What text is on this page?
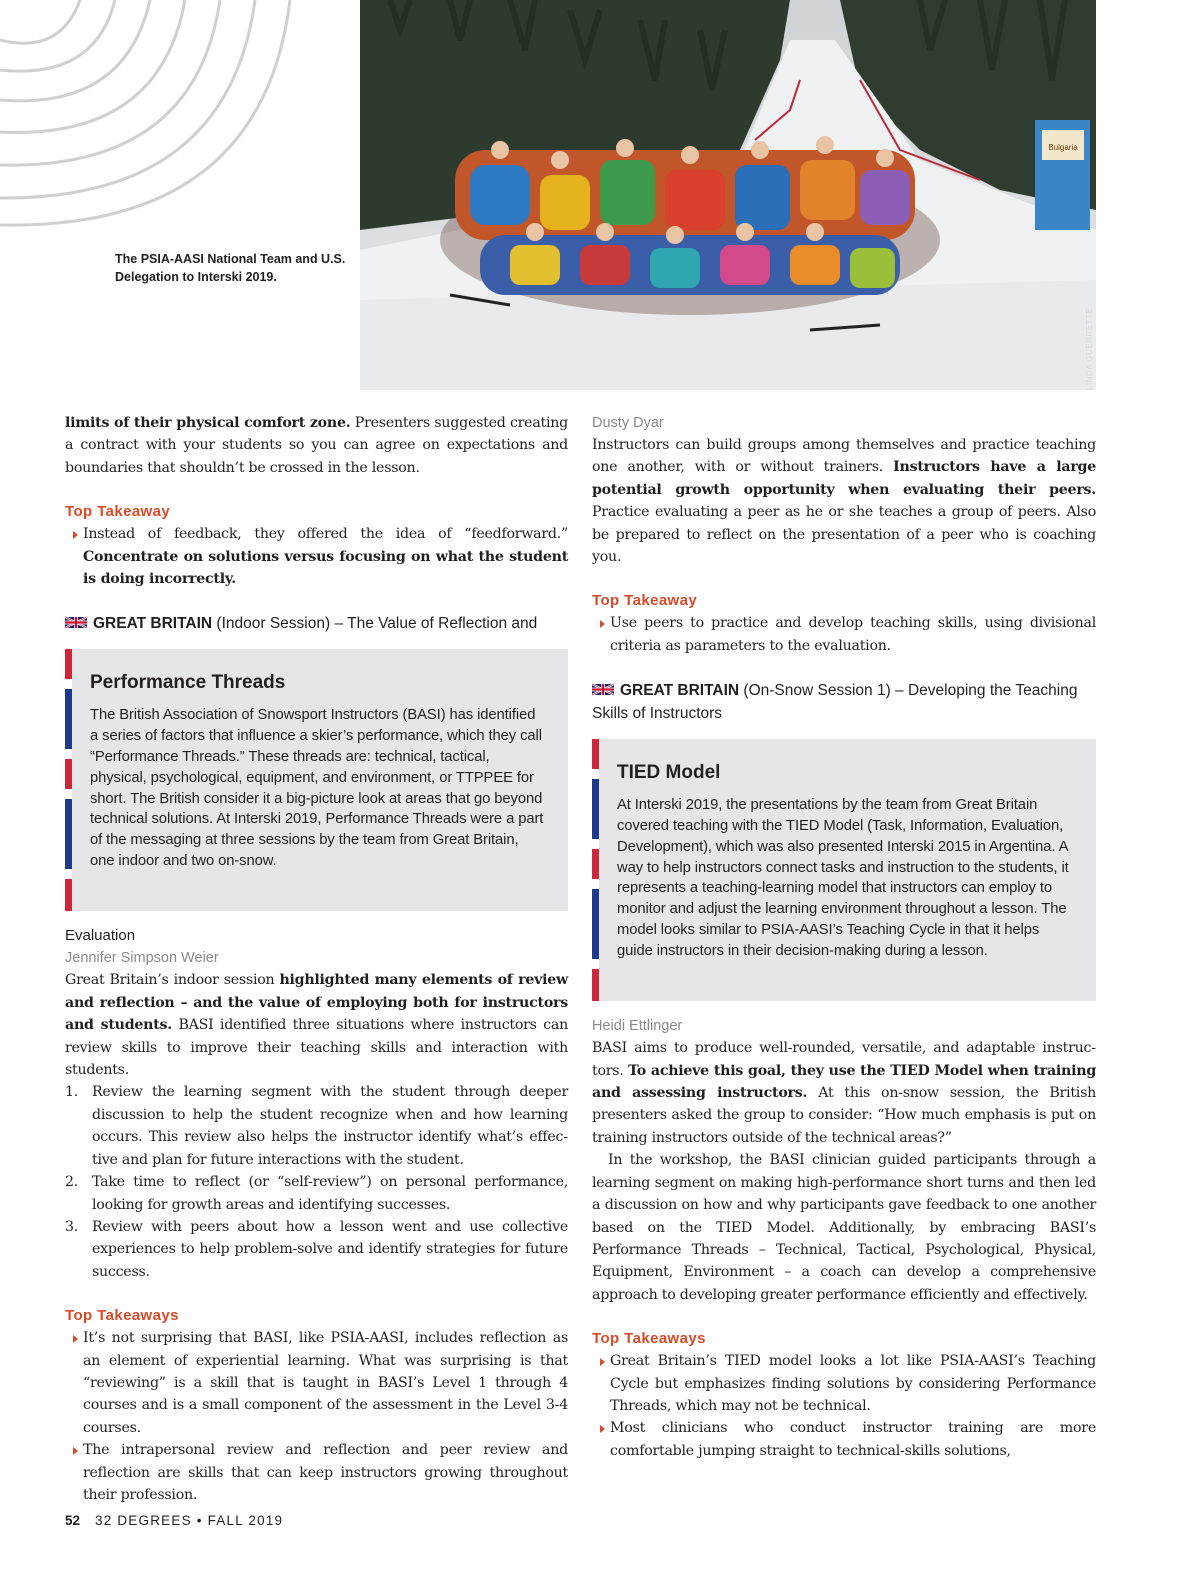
Bulgaria
LINDA GUERRETTE
The PSIA-AASI National Team and U.S. Delegation to Interski 2019.

limits of their physical comfort zone. Presenters suggested creating a contract with your students so you can agree on expectations and boundaries that shouldn’t be crossed in the lesson.

Top Takeaway
Instead of feedback, they offered the idea of “feedforward.” Concentrate on solutions versus focusing on what the student is doing incorrectly.
GREAT BRITAIN (Indoor Session) – The Value of Reflection and
Performance Threads

The British Association of Snowsport Instructors (BASI) has identified a series of factors that influence a skier’s performance, which they call “Performance Threads.” These threads are: technical, tactical, physical, psychological, equipment, and environment, or TTPPEE for short. The British consider it a big-picture look at areas that go beyond technical solutions. At Interski 2019, Performance Threads were a part of the messaging at three sessions by the team from Great Britain, one indoor and two on-snow.

Evaluation
Jennifer Simpson Weier

Great Britain’s indoor session highlighted many elements of review and reflection – and the value of employing both for instructors and students. BASI identified three situations where instructors can review skills to improve their teaching skills and interaction with students.

1. Review the learning segment with the student through deeper discussion to help the student recognize when and how learning occurs. This review also helps the instructor identify what’s effective and plan for future interactions with the student.
2. Take time to reflect (or “self-review”) on personal performance, looking for growth areas and identifying successes.
3. Review with peers about how a lesson went and use collective experiences to help problem-solve and identify strategies for future success.
Top Takeaways
It’s not surprising that BASI, like PSIA-AASI, includes reflection as an element of experiential learning. What was surprising is that “reviewing” is a skill that is taught in BASI’s Level 1 through 4 courses and is a small component of the assessment in the Level 3-4 courses.
The intrapersonal review and reflection and peer review and reflection are skills that can keep instructors growing throughout their profession.
Dusty Dyar

Instructors can build groups among themselves and practice teaching one another, with or without trainers. Instructors have a large potential growth opportunity when evaluating their peers. Practice evaluating a peer as he or she teaches a group of peers. Also be prepared to reflect on the presentation of a peer who is coaching you.

Top Takeaway
Use peers to practice and develop teaching skills, using divisional criteria as parameters to the evaluation.
GREAT BRITAIN (On-Snow Session 1) – Developing the Teaching Skills of Instructors
TIED Model

At Interski 2019, the presentations by the team from Great Britain covered teaching with the TIED Model (Task, Information, Evaluation, Development), which was also presented Interski 2015 in Argentina. A way to help instructors connect tasks and instruction to the students, it represents a teaching-learning model that instructors can employ to monitor and adjust the learning environment throughout a lesson. The model looks similar to PSIA-AASI’s Teaching Cycle in that it helps guide instructors in their decision-making during a lesson.

Heidi Ettlinger

BASI aims to produce well-rounded, versatile, and adaptable instructors. To achieve this goal, they use the TIED Model when training and assessing instructors. At this on-snow session, the British presenters asked the group to consider: “How much emphasis is put on training instructors outside of the technical areas?”

In the workshop, the BASI clinician guided participants through a learning segment on making high-performance short turns and then led a discussion on how and why participants gave feedback to one another based on the TIED Model. Additionally, by embracing BASI’s Performance Threads – Technical, Tactical, Psychological, Physical, Equipment, Environment – a coach can develop a comprehensive approach to developing greater performance efficiently and effectively.

Top Takeaways
Great Britain’s TIED model looks a lot like PSIA-AASI’s Teaching Cycle but emphasizes finding solutions by considering Performance Threads, which may not be technical.
Most clinicians who conduct instructor training are more comfortable jumping straight to technical-skills solutions,
52 32 DEGREES • FALL 2019
